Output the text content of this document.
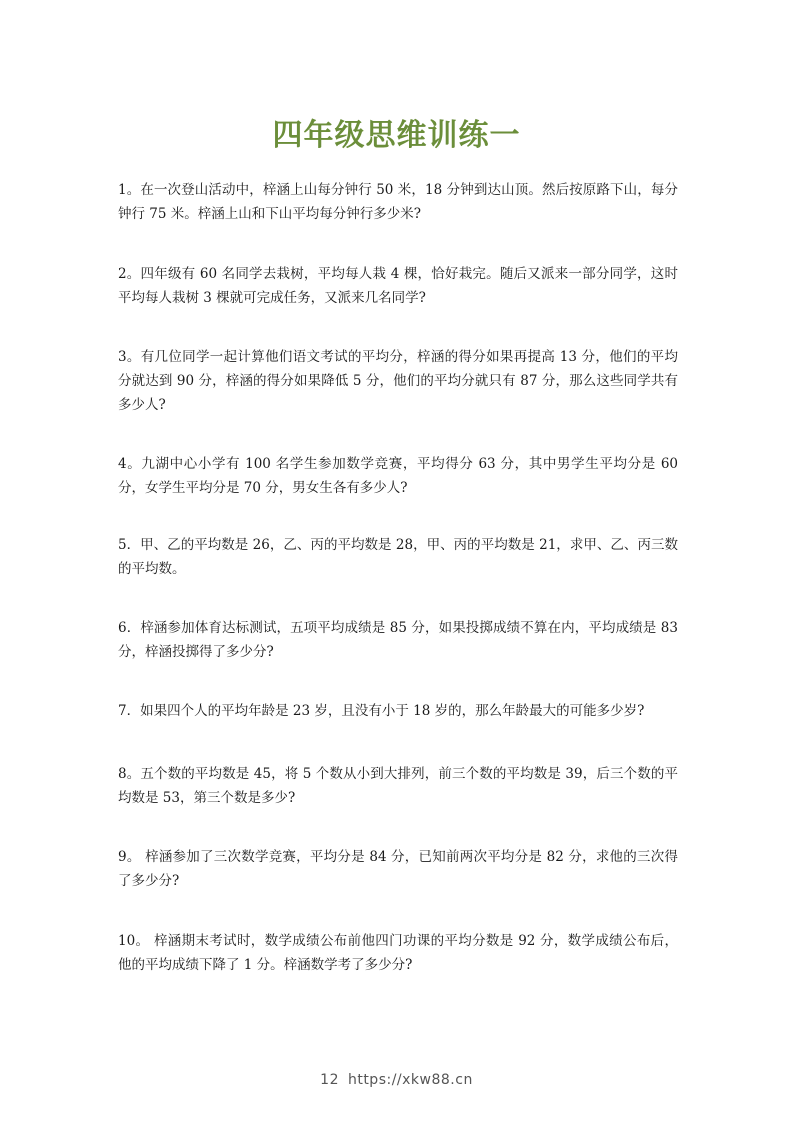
四年级思维训练一
1。在一次登山活动中，梓涵上山每分钟行 50 米，18 分钟到达山顶。然后按原路下山，每分钟行 75 米。梓涵上山和下山平均每分钟行多少米?
2。四年级有 60 名同学去栽树，平均每人栽 4 棵，恰好栽完。随后又派来一部分同学，这时平均每人栽树 3 棵就可完成任务，又派来几名同学?
3。有几位同学一起计算他们语文考试的平均分，梓涵的得分如果再提高 13 分，他们的平均分就达到 90 分，梓涵的得分如果降低 5 分，他们的平均分就只有 87 分，那么这些同学共有多少人?
4。九湖中心小学有 100 名学生参加数学竞赛，平均得分 63 分，其中男学生平均分是 60 分，女学生平均分是 70 分，男女生各有多少人?
5．甲、乙的平均数是 26，乙、丙的平均数是 28，甲、丙的平均数是 21，求甲、乙、丙三数的平均数。
6．梓涵参加体育达标测试，五项平均成绩是 85 分，如果投掷成绩不算在内，平均成绩是 83 分，梓涵投掷得了多少分?
7．如果四个人的平均年龄是 23 岁，且没有小于 18 岁的，那么年龄最大的可能多少岁?
8。五个数的平均数是 45，将 5 个数从小到大排列，前三个数的平均数是 39，后三个数的平均数是 53，第三个数是多少?
9。 梓涵参加了三次数学竞赛，平均分是 84 分，已知前两次平均分是 82 分，求他的三次得了多少分?
10。 梓涵期末考试时，数学成绩公布前他四门功课的平均分数是 92 分，数学成绩公布后，他的平均成绩下降了 1 分。梓涵数学考了多少分?
12 https://xkw88.cn
